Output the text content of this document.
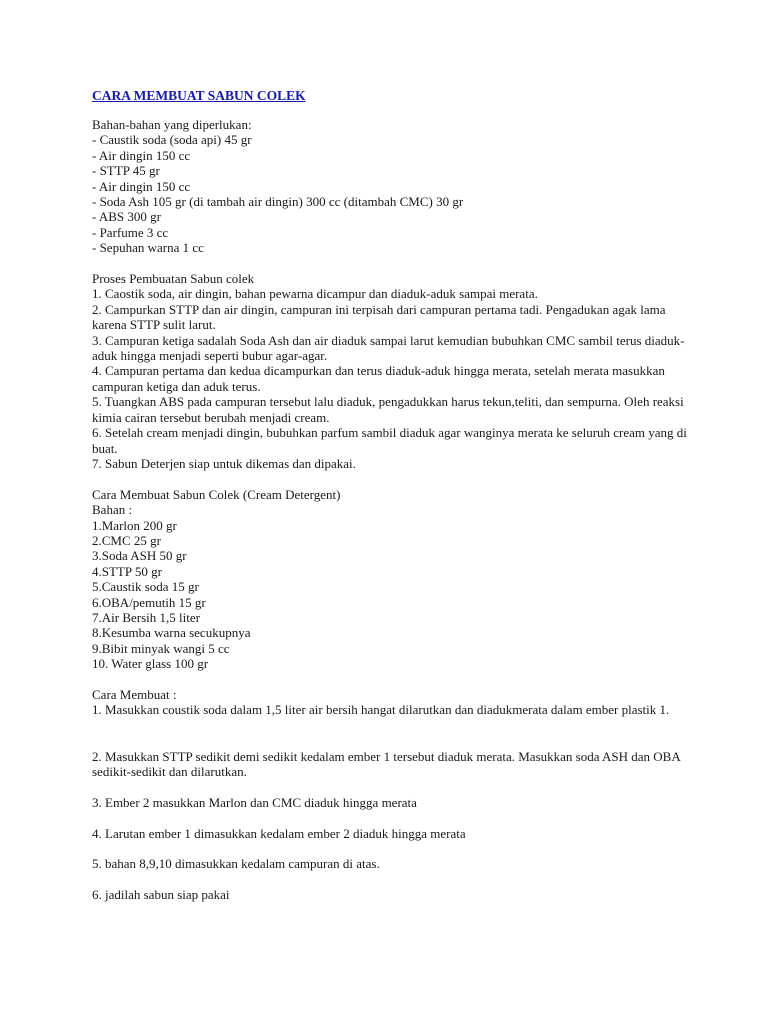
CARA MEMBUAT SABUN COLEK

Bahan-bahan yang diperlukan:

- Caustik soda (soda api) 45 gr

- Air dingin 150 cc

- STTP 45 gr

- Air dingin 150 cc

- Soda Ash 105 gr (di tambah air dingin) 300 cc (ditambah CMC) 30 gr

- ABS 300 gr

- Parfume 3 cc

- Sepuhan warna 1 cc

Proses Pembuatan Sabun colek

1. Caostik soda, air dingin, bahan pewarna dicampur dan diaduk-aduk sampai merata.

2. Campurkan STTP dan air dingin, campuran ini terpisah dari campuran pertama tadi. Pengadukan agak lama karena STTP sulit larut.

3. Campuran ketiga sadalah Soda Ash dan air diaduk sampai larut kemudian bubuhkan CMC sambil terus diaduk-aduk hingga menjadi seperti bubur agar-agar.

4. Campuran pertama dan kedua dicampurkan dan terus diaduk-aduk hingga merata, setelah merata masukkan campuran ketiga dan aduk terus.

5. Tuangkan ABS pada campuran tersebut lalu diaduk, pengadukkan harus tekun,teliti, dan sempurna. Oleh reaksi kimia cairan tersebut berubah menjadi cream.

6. Setelah cream menjadi dingin, bubuhkan parfum sambil diaduk agar wanginya merata ke seluruh cream yang di buat.

7. Sabun Deterjen siap untuk dikemas dan dipakai.

Cara Membuat Sabun Colek (Cream Detergent)

Bahan :

1.Marlon 200 gr

2.CMC 25 gr

3.Soda ASH 50 gr

4.STTP 50 gr

5.Caustik soda 15 gr

6.OBA/pemutih 15 gr

7.Air Bersih 1,5 liter

8.Kesumba warna secukupnya

9.Bibit minyak wangi 5 cc

10. Water glass 100 gr

Cara Membuat :

1. Masukkan coustik soda dalam 1,5 liter air bersih hangat dilarutkan dan diadukmerata dalam ember plastik 1.

2. Masukkan STTP sedikit demi sedikit kedalam ember 1 tersebut diaduk merata. Masukkan soda ASH dan OBA sedikit-sedikit dan dilarutkan.

3. Ember 2 masukkan Marlon dan CMC diaduk hingga merata

4. Larutan ember 1 dimasukkan kedalam ember 2 diaduk hingga merata

5. bahan 8,9,10 dimasukkan kedalam campuran di atas.

6. jadilah sabun siap pakai
